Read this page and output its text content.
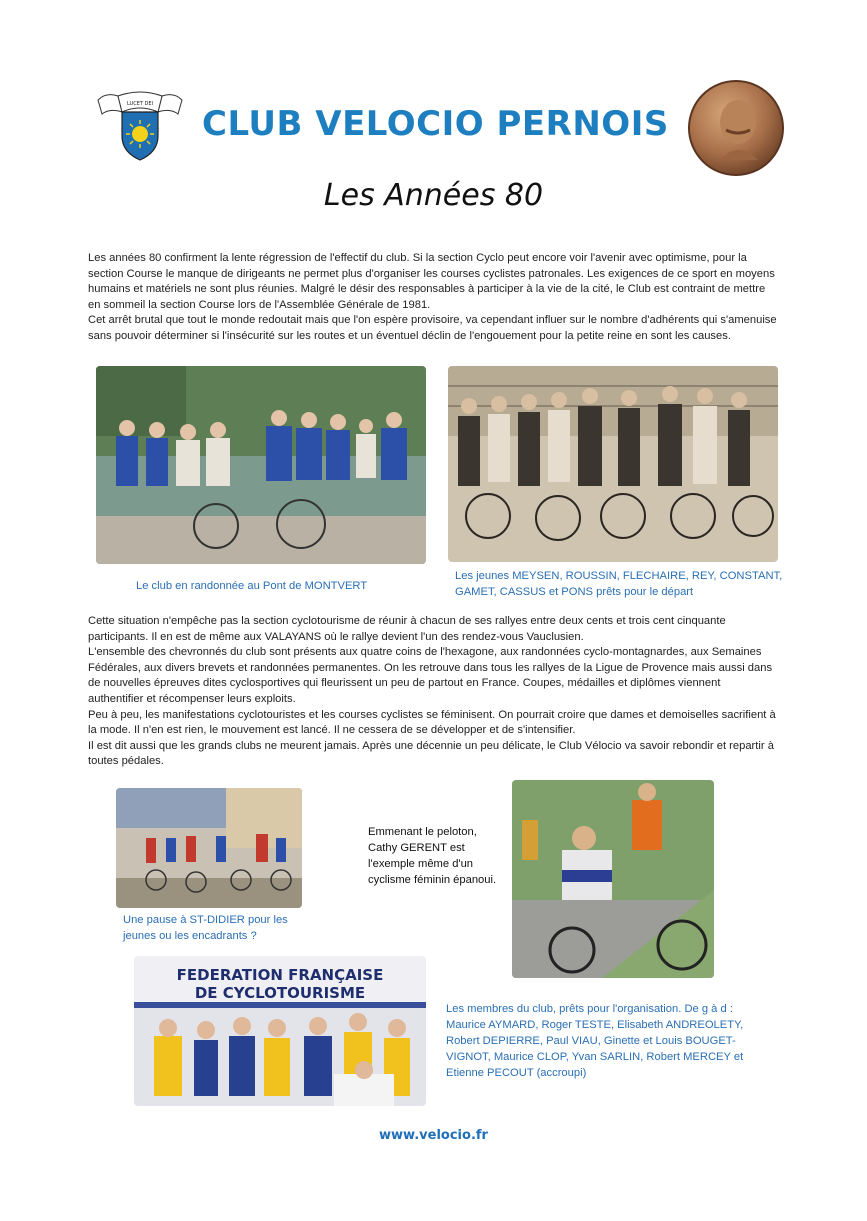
LUCET DEI CLUB VELOCIO PERNOIS
Les Années 80

Les années 80 confirment la lente régression de l'effectif du club. Si la section Cyclo peut encore voir l'avenir avec optimisme, pour la section Course le manque de dirigeants ne permet plus d'organiser les courses cyclistes patronales. Les exigences de ce sport en moyens humains et matériels ne sont plus réunies. Malgré le désir des responsables à participer à la vie de la cité, le Club est contraint de mettre en sommeil la section Course lors de l'Assemblée Générale de 1981.

Cet arrêt brutal que tout le monde redoutait mais que l'on espère provisoire, va cependant influer sur le nombre d'adhérents qui s'amenuise sans pouvoir déterminer si l'insécurité sur les routes et un éventuel déclin de l'engouement pour la petite reine en sont les causes.

Le club en randonnée au Pont de MONTVERT
Les jeunes MEYSEN, ROUSSIN, FLECHAIRE, REY, CONSTANT, GAMET, CASSUS et PONS prêts pour le départ

Cette situation n'empêche pas la section cyclotourisme de réunir à chacun de ses rallyes entre deux cents et trois cent cinquante participants. Il en est de même aux VALAYANS où le rallye devient l'un des rendez-vous Vauclusien.

L'ensemble des chevronnés du club sont présents aux quatre coins de l'hexagone, aux randonnées cyclo-montagnardes, aux Semaines Fédérales, aux divers brevets et randonnées permanentes. On les retrouve dans tous les rallyes de la Ligue de Provence mais aussi dans de nouvelles épreuves dites cyclosportives qui fleurissent un peu de partout en France. Coupes, médailles et diplômes viennent authentifier et récompenser leurs exploits.

Peu à peu, les manifestations cyclotouristes et les courses cyclistes se féminisent. On pourrait croire que dames et demoiselles sacrifient à la mode. Il n'en est rien, le mouvement est lancé. Il ne cessera de se développer et de s'intensifier.

Il est dit aussi que les grands clubs ne meurent jamais. Après une décennie un peu délicate, le Club Vélocio va savoir rebondir et repartir à toutes pédales.

Une pause à ST-DIDIER pour les jeunes ou les encadrants ?
Emmenant le peloton, Cathy GERENT est l'exemple même d'un cyclisme féminin épanoui.
FEDERATION FRANÇAISE
DE CYCLOTOURISME
Les membres du club, prêts pour l'organisation. De g à d : Maurice AYMARD, Roger TESTE, Elisabeth ANDREOLETY, Robert DEPIERRE, Paul VIAU, Ginette et Louis BOUGET-VIGNOT, Maurice CLOP, Yvan SARLIN, Robert MERCEY et Etienne PECOUT (accroupi)
www.velocio.fr
